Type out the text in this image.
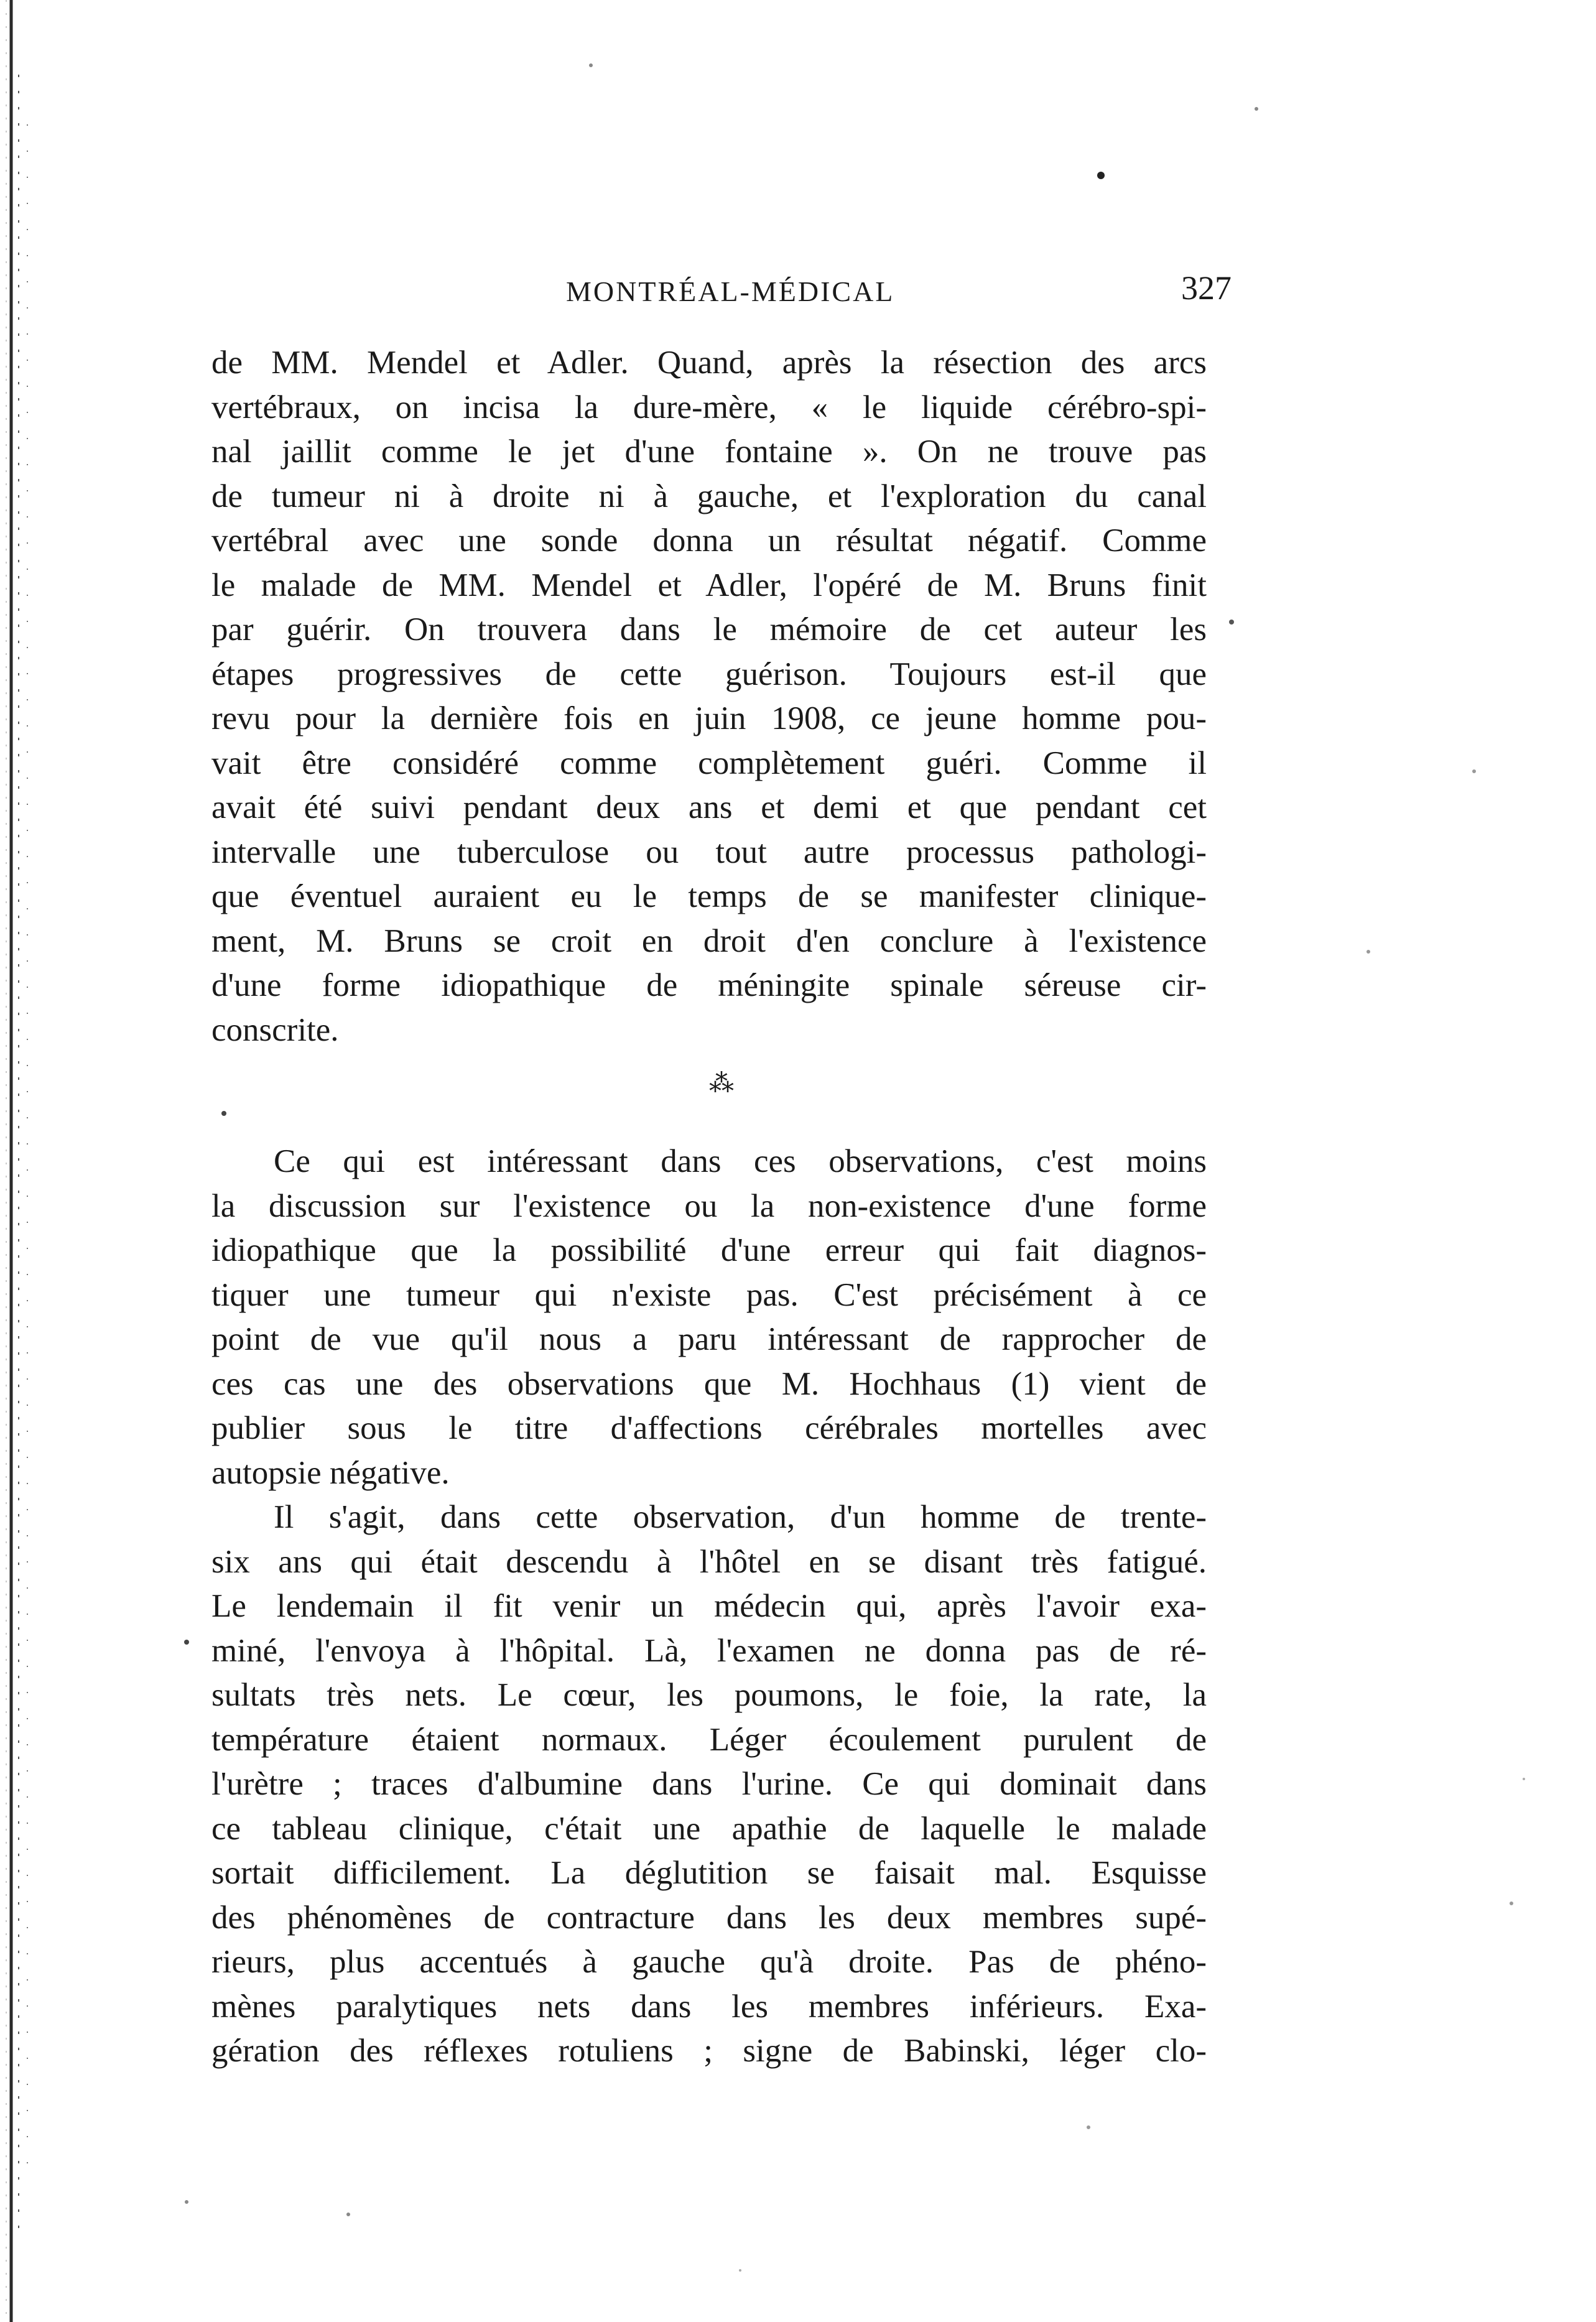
MONTRÉAL-MÉDICAL	327
de MM. Mendel et Adler. Quand, après la résection des arcs
vertébraux, on incisa la dure-mère, « le liquide cérébro-spi-
nal jaillit comme le jet d'une fontaine ». On ne trouve pas
de tumeur ni à droite ni à gauche, et l'exploration du canal
vertébral avec une sonde donna un résultat négatif. Comme
le malade de MM. Mendel et Adler, l'opéré de M. Bruns finit
par guérir. On trouvera dans le mémoire de cet auteur les
étapes progressives de cette guérison. Toujours est-il que
revu pour la dernière fois en juin 1908, ce jeune homme pou-
vait être considéré comme complètement guéri. Comme il
avait été suivi pendant deux ans et demi et que pendant cet
intervalle une tuberculose ou tout autre processus pathologi-
que éventuel auraient eu le temps de se manifester clinique-
ment, M. Bruns se croit en droit d'en conclure à l'existence
d'une forme idiopathique de méningite spinale séreuse cir-
conscrite.
⁂
Ce qui est intéressant dans ces observations, c'est moins
la discussion sur l'existence ou la non-existence d'une forme
idiopathique que la possibilité d'une erreur qui fait diagnos-
tiquer une tumeur qui n'existe pas. C'est précisément à ce
point de vue qu'il nous a paru intéressant de rapprocher de
ces cas une des observations que M. Hochhaus (1) vient de
publier sous le titre d'affections cérébrales mortelles avec
autopsie négative.
Il s'agit, dans cette observation, d'un homme de trente-
six ans qui était descendu à l'hôtel en se disant très fatigué.
Le lendemain il fit venir un médecin qui, après l'avoir exa-
miné, l'envoya à l'hôpital. Là, l'examen ne donna pas de ré-
sultats très nets. Le cœur, les poumons, le foie, la rate, la
température étaient normaux. Léger écoulement purulent de
l'urètre ; traces d'albumine dans l'urine. Ce qui dominait dans
ce tableau clinique, c'était une apathie de laquelle le malade
sortait difficilement. La déglutition se faisait mal. Esquisse
des phénomènes de contracture dans les deux membres supé-
rieurs, plus accentués à gauche qu'à droite. Pas de phéno-
mènes paralytiques nets dans les membres inférieurs. Exa-
gération des réflexes rotuliens ; signe de Babinski, léger clo-
